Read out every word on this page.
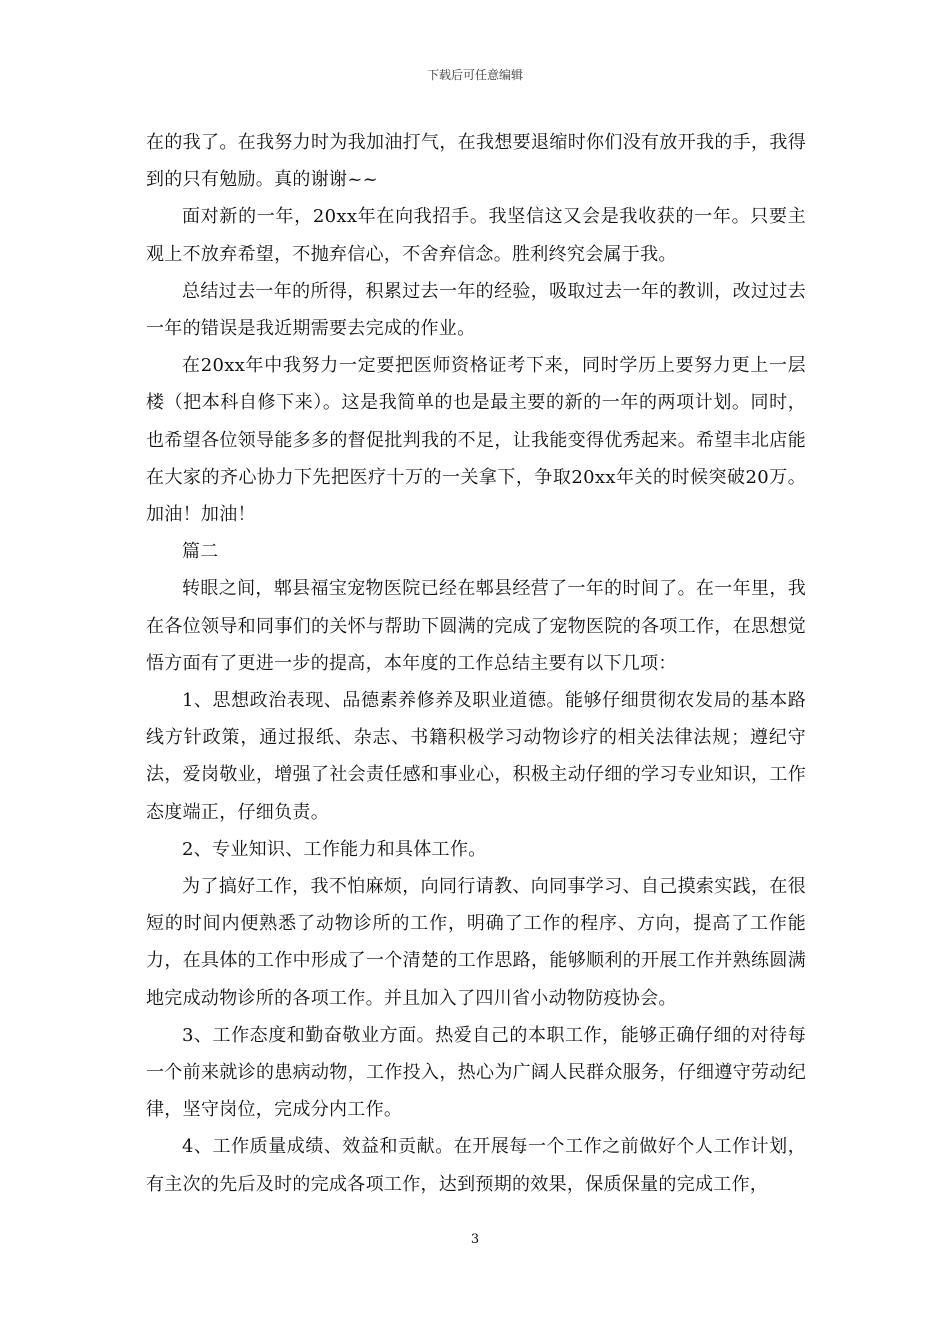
下载后可任意编辑

在的我了。在我努力时为我加油打气，在我想要退缩时你们没有放开我的手，我得到的只有勉励。真的谢谢~~

面对新的一年，20xx年在向我招手。我坚信这又会是我收获的一年。只要主观上不放弃希望，不抛弃信心，不舍弃信念。胜利终究会属于我。

总结过去一年的所得，积累过去一年的经验，吸取过去一年的教训，改过过去一年的错误是我近期需要去完成的作业。

在20xx年中我努力一定要把医师资格证考下来，同时学历上要努力更上一层楼（把本科自修下来）。这是我简单的也是最主要的新的一年的两项计划。同时，也希望各位领导能多多的督促批判我的不足，让我能变得优秀起来。希望丰北店能在大家的齐心协力下先把医疗十万的一关拿下，争取20xx年关的时候突破20万。加油！加油！

篇二

转眼之间，郫县福宝宠物医院已经在郫县经营了一年的时间了。在一年里，我在各位领导和同事们的关怀与帮助下圆满的完成了宠物医院的各项工作，在思想觉悟方面有了更进一步的提高，本年度的工作总结主要有以下几项：

1、思想政治表现、品德素养修养及职业道德。能够仔细贯彻农发局的基本路线方针政策，通过报纸、杂志、书籍积极学习动物诊疗的相关法律法规；遵纪守法，爱岗敬业，增强了社会责任感和事业心，积极主动仔细的学习专业知识，工作态度端正，仔细负责。

2、专业知识、工作能力和具体工作。

为了搞好工作，我不怕麻烦，向同行请教、向同事学习、自己摸索实践，在很短的时间内便熟悉了动物诊所的工作，明确了工作的程序、方向，提高了工作能力，在具体的工作中形成了一个清楚的工作思路，能够顺利的开展工作并熟练圆满地完成动物诊所的各项工作。并且加入了四川省小动物防疫协会。

3、工作态度和勤奋敬业方面。热爱自己的本职工作，能够正确仔细的对待每一个前来就诊的患病动物，工作投入，热心为广阔人民群众服务，仔细遵守劳动纪律，坚守岗位，完成分内工作。

4、工作质量成绩、效益和贡献。在开展每一个工作之前做好个人工作计划，有主次的先后及时的完成各项工作，达到预期的效果，保质保量的完成工作，

3
